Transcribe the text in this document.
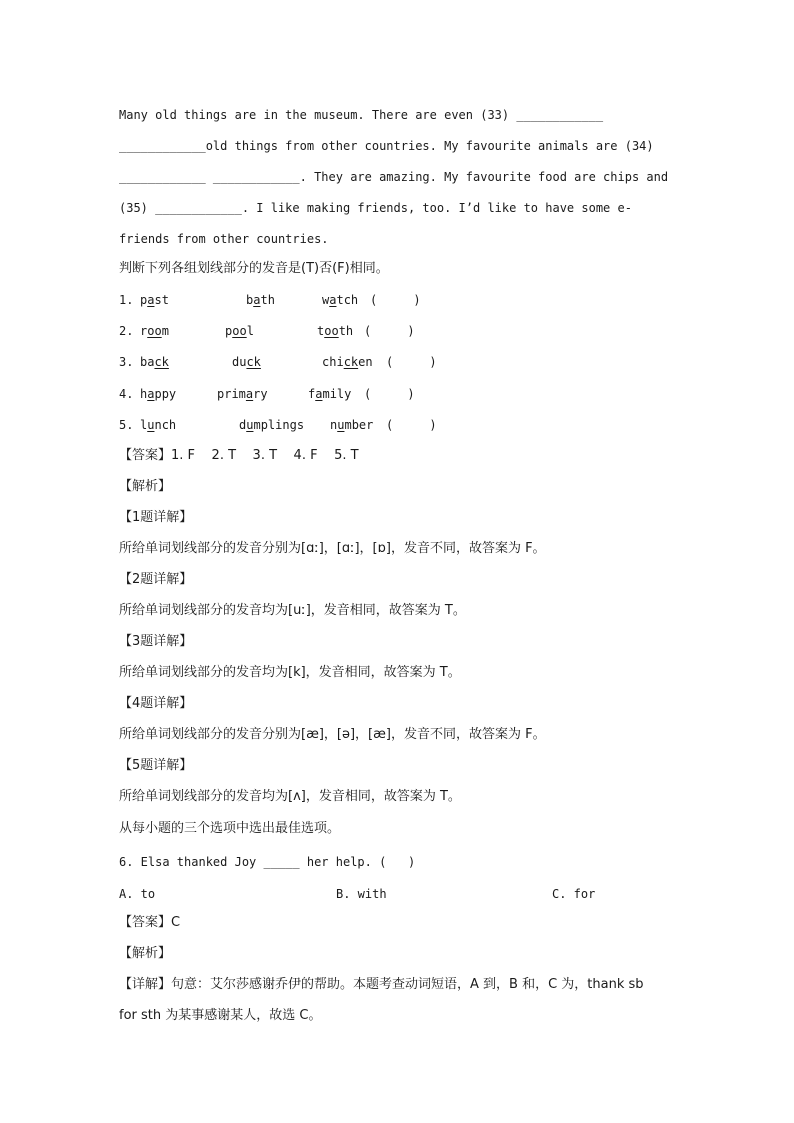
Many old things are in the museum. There are even (33) ____________
____________old things from other countries. My favourite animals are (34)
____________ ____________. They are amazing. My favourite food are chips and
(35) ____________. I like making friends, too. I’d like to have some e-
friends from other countries.
判断下列各组划线部分的发音是(T)否(F)相同。
1. past	bath	watch (     )
2. room	pool	tooth (     )
3. back	duck	chicken (     )
4. happy	primary	family (     )
5. lunch	dumplings number (     )
【答案】1. F    2. T    3. T    4. F    5. T
【解析】
【1题详解】
所给单词划线部分的发音分别为[ɑː]，[ɑː]，[ɒ]，发音不同，故答案为 F。
【2题详解】
所给单词划线部分的发音均为[uː]，发音相同，故答案为 T。
【3题详解】
所给单词划线部分的发音均为[k]，发音相同，故答案为 T。
【4题详解】
所给单词划线部分的发音分别为[æ]，[ə]，[æ]，发音不同，故答案为 F。
【5题详解】
所给单词划线部分的发音均为[ʌ]，发音相同，故答案为 T。
从每小题的三个选项中选出最佳选项。
6. Elsa thanked Joy _____ her help. (   )
A. to	B. with	C. for
【答案】C
【解析】
【详解】句意：艾尔莎感谢乔伊的帮助。本题考查动词短语，A 到，B 和，C 为，thank sb
for sth 为某事感谢某人，故选 C。
